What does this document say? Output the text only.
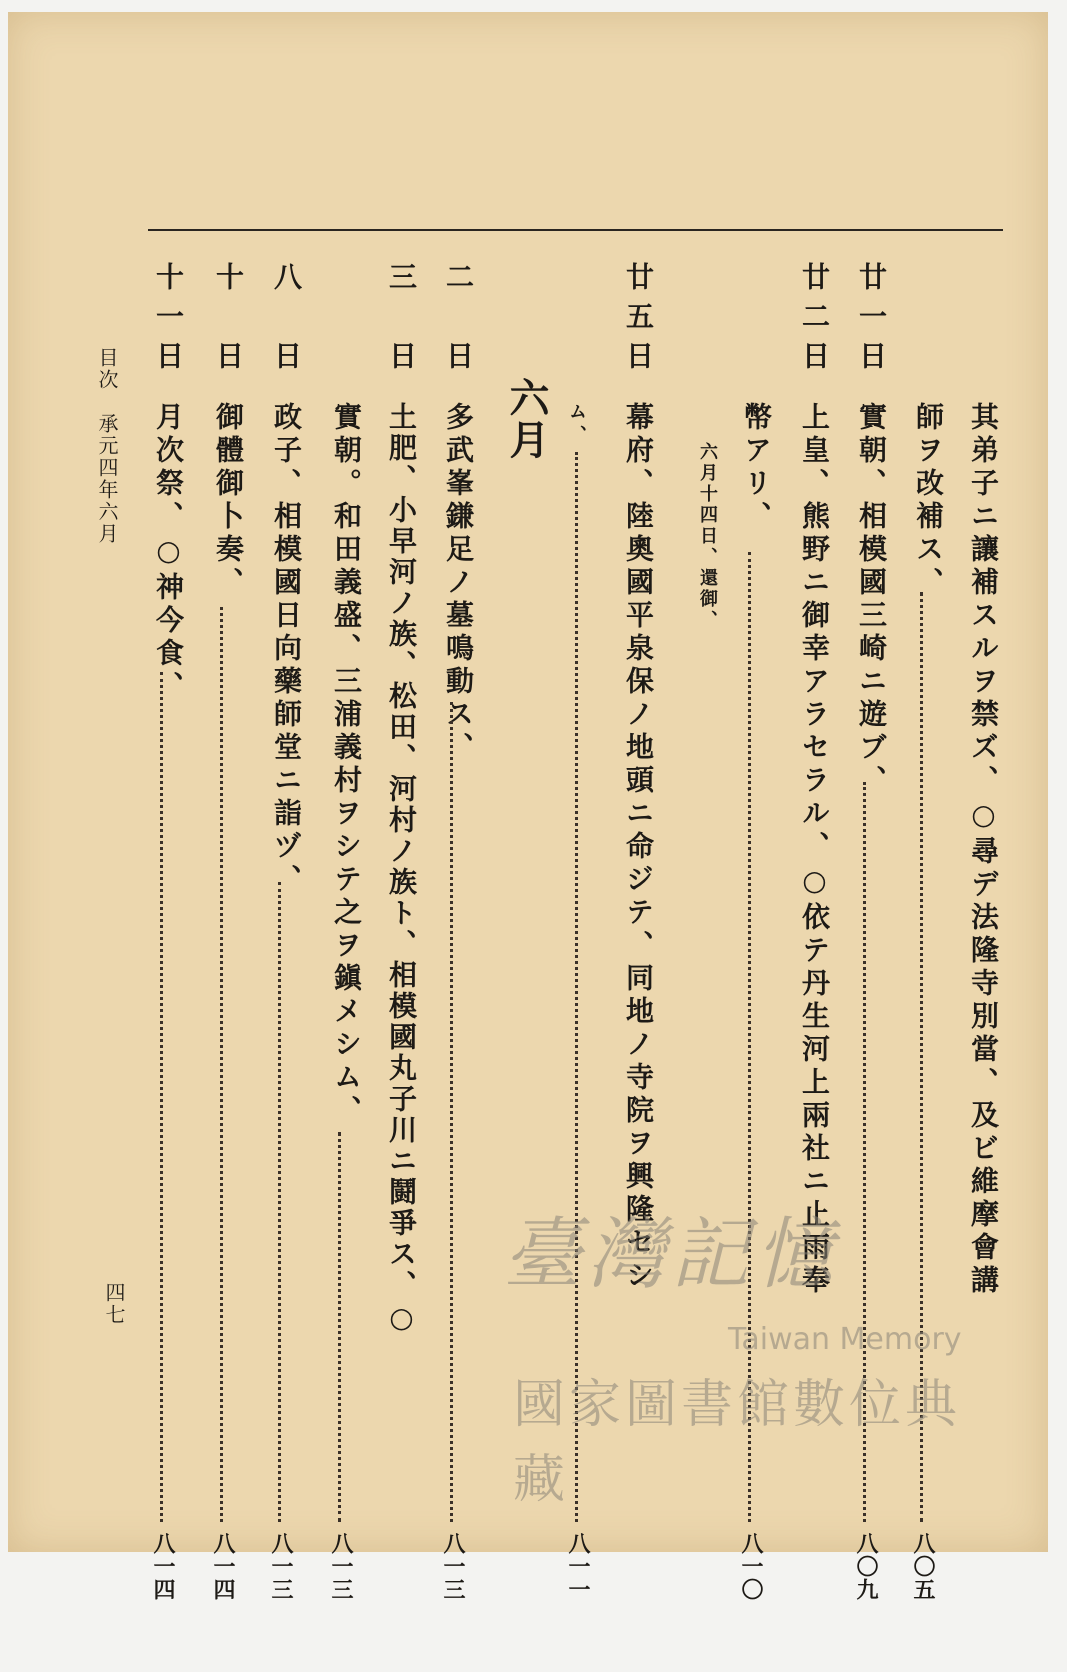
其弟子ニ讓補スルヲ禁ズ、○尋デ法隆寺別當、及ビ維摩會講
師ヲ改補ス、
八〇五
廿一日
實朝、相模國三崎ニ遊ブ、
八〇九
廿二日
上皇、熊野ニ御幸アラセラル、○依テ丹生河上兩社ニ止雨奉
幣アリ、
八一〇
六月十四日、還御、
廿五日
幕府、陸奧國平泉保ノ地頭ニ命ジテ、同地ノ寺院ヲ興隆セシ
ム、
八一一
六月
二　日
多武峯鎌足ノ墓鳴動ス、
八一三
三　日
土肥、小早河ノ族、松田、河村ノ族ト、相模國丸子川ニ鬪爭ス、○
實朝。和田義盛、三浦義村ヲシテ之ヲ鎭メシム、
八一三
八　日
政子、相模國日向藥師堂ニ詣ヅ、
八一三
十　日
御體御卜奏、
八一四
十一日
月次祭、○神今食、
八一四
目次　承元四年六月
四七
臺灣記憶
Taiwan Memory
國家圖書館數位典藏
